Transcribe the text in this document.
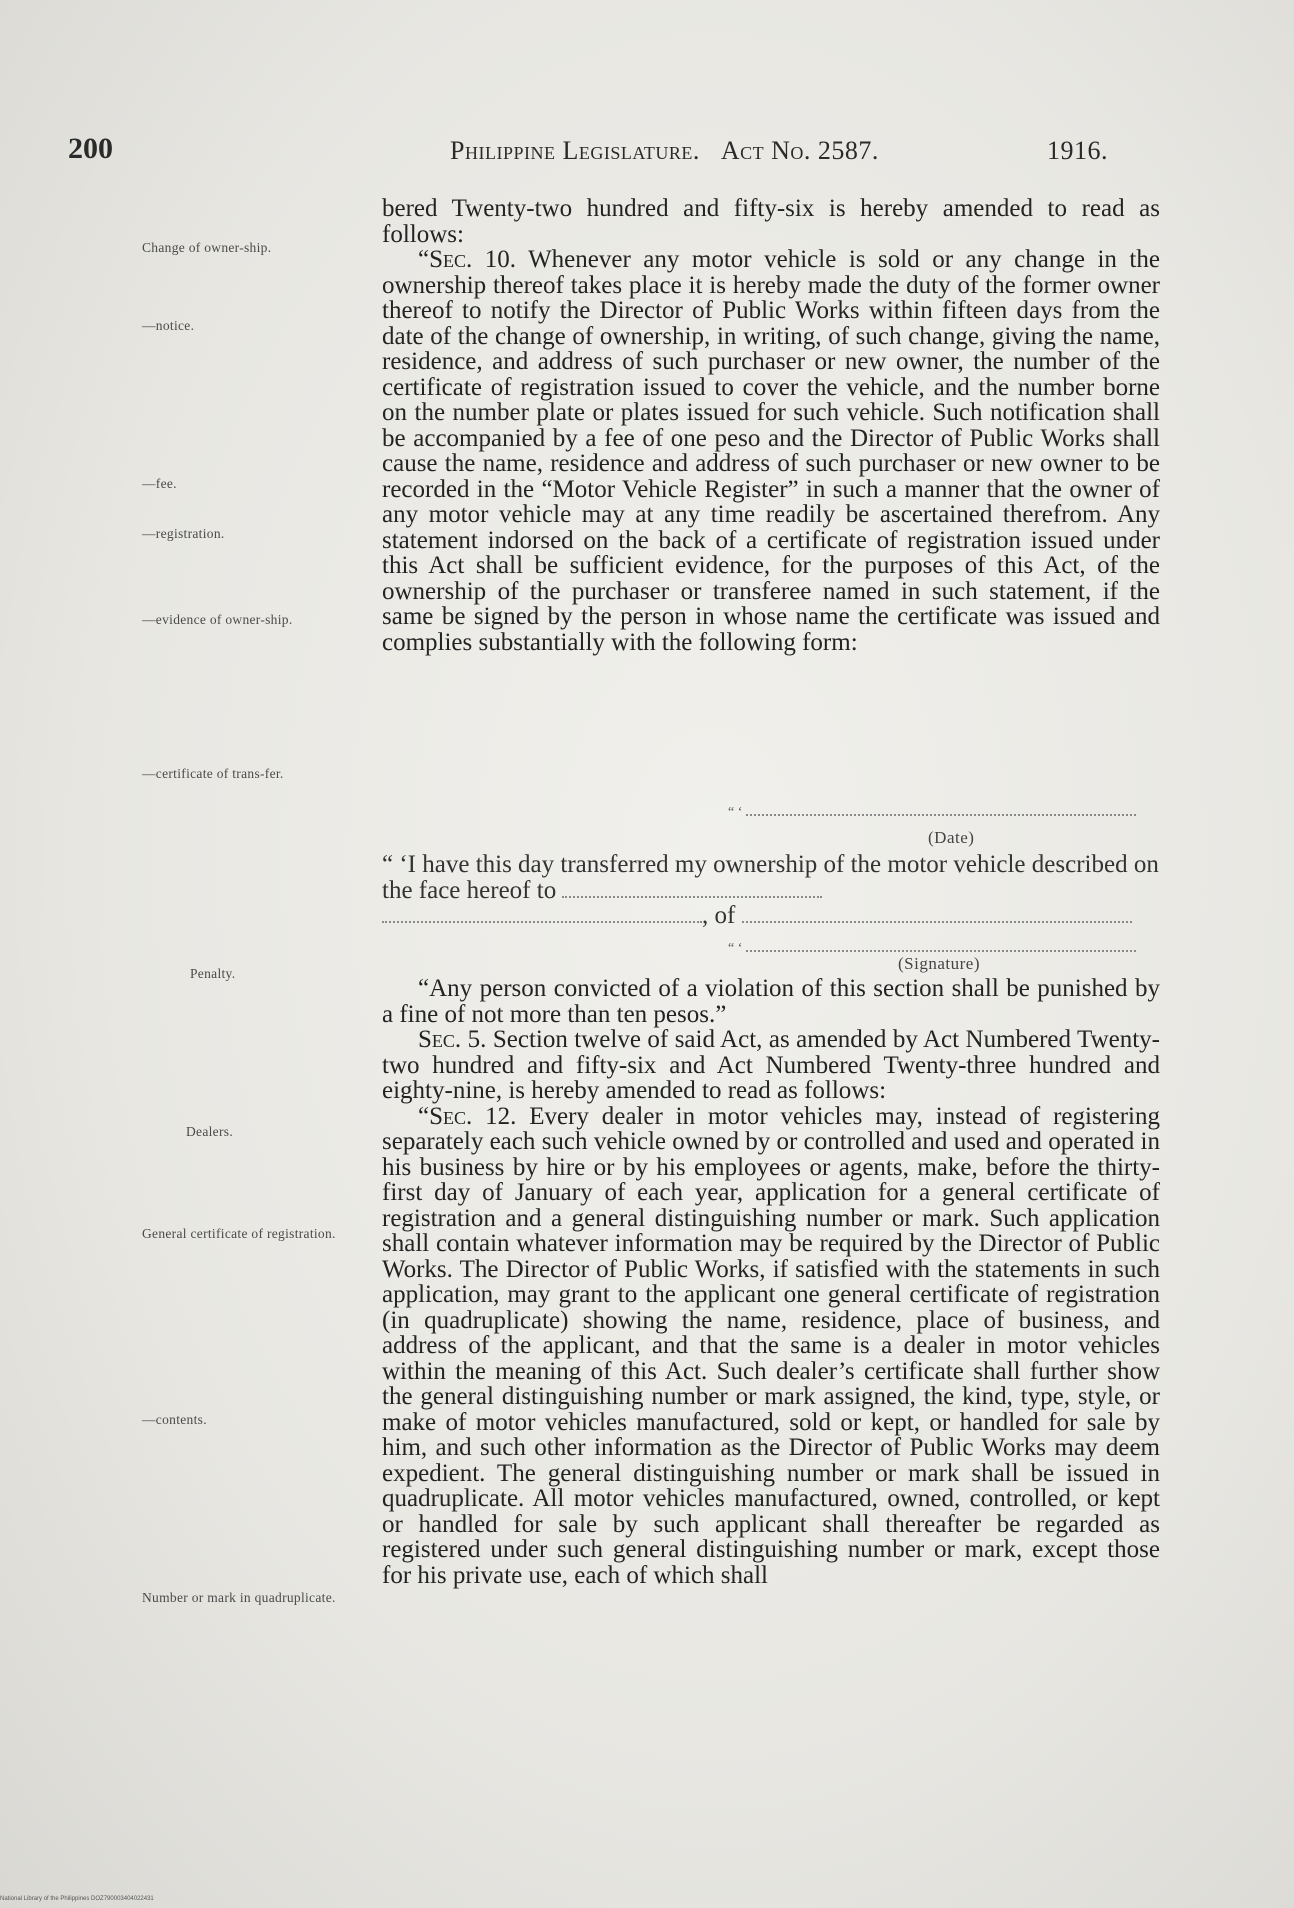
200	Philippine Legislature. Act No. 2587.	1916.
Change of owner-ship.
—notice.
—fee.
—registration.
—evidence of owner-ship.
—certificate of trans-fer.
Penalty.
Dealers.
General certificate of registration.
—contents.
Number or mark in quadruplicate.

bered Twenty-two hundred and fifty-six is hereby amended to read as follows:

“Sec. 10. Whenever any motor vehicle is sold or any change in the ownership thereof takes place it is hereby made the duty of the former owner thereof to notify the Director of Public Works within fifteen days from the date of the change of ownership, in writing, of such change, giving the name, residence, and address of such purchaser or new owner, the number of the certificate of registration issued to cover the vehicle, and the number borne on the number plate or plates issued for such vehicle. Such notification shall be accompanied by a fee of one peso and the Director of Public Works shall cause the name, residence and address of such purchaser or new owner to be recorded in the “Motor Vehicle Register” in such a manner that the owner of any motor vehicle may at any time readily be ascertained therefrom. Any statement indorsed on the back of a certificate of registration issued under this Act shall be sufficient evidence, for the purposes of this Act, of the ownership of the purchaser or transferee named in such statement, if the same be signed by the person in whose name the certificate was issued and complies substantially with the following form:

“ ‘
(Date)
“ ‘I have this day transferred my ownership of the motor vehicle described on the face hereof to
, of
“ ‘
(Signature)

“Any person convicted of a violation of this section shall be punished by a fine of not more than ten pesos.”

Sec. 5. Section twelve of said Act, as amended by Act Numbered Twenty-two hundred and fifty-six and Act Numbered Twenty-three hundred and eighty-nine, is hereby amended to read as follows:

“Sec. 12. Every dealer in motor vehicles may, instead of registering separately each such vehicle owned by or controlled and used and operated in his business by hire or by his employees or agents, make, before the thirty-first day of January of each year, application for a general certificate of registration and a general distinguishing number or mark. Such application shall contain whatever information may be required by the Director of Public Works. The Director of Public Works, if satisfied with the statements in such application, may grant to the applicant one general certificate of registration (in quadruplicate) showing the name, residence, place of business, and address of the applicant, and that the same is a dealer in motor vehicles within the meaning of this Act. Such dealer’s certificate shall further show the general distinguishing number or mark assigned, the kind, type, style, or make of motor vehicles manufactured, sold or kept, or handled for sale by him, and such other information as the Director of Public Works may deem expedient. The general distinguishing number or mark shall be issued in quadruplicate. All motor vehicles manufactured, owned, controlled, or kept or handled for sale by such applicant shall thereafter be regarded as registered under such general distinguishing number or mark, except those for his private use, each of which shall

National Library of the Philippines DOZ790003404022431
